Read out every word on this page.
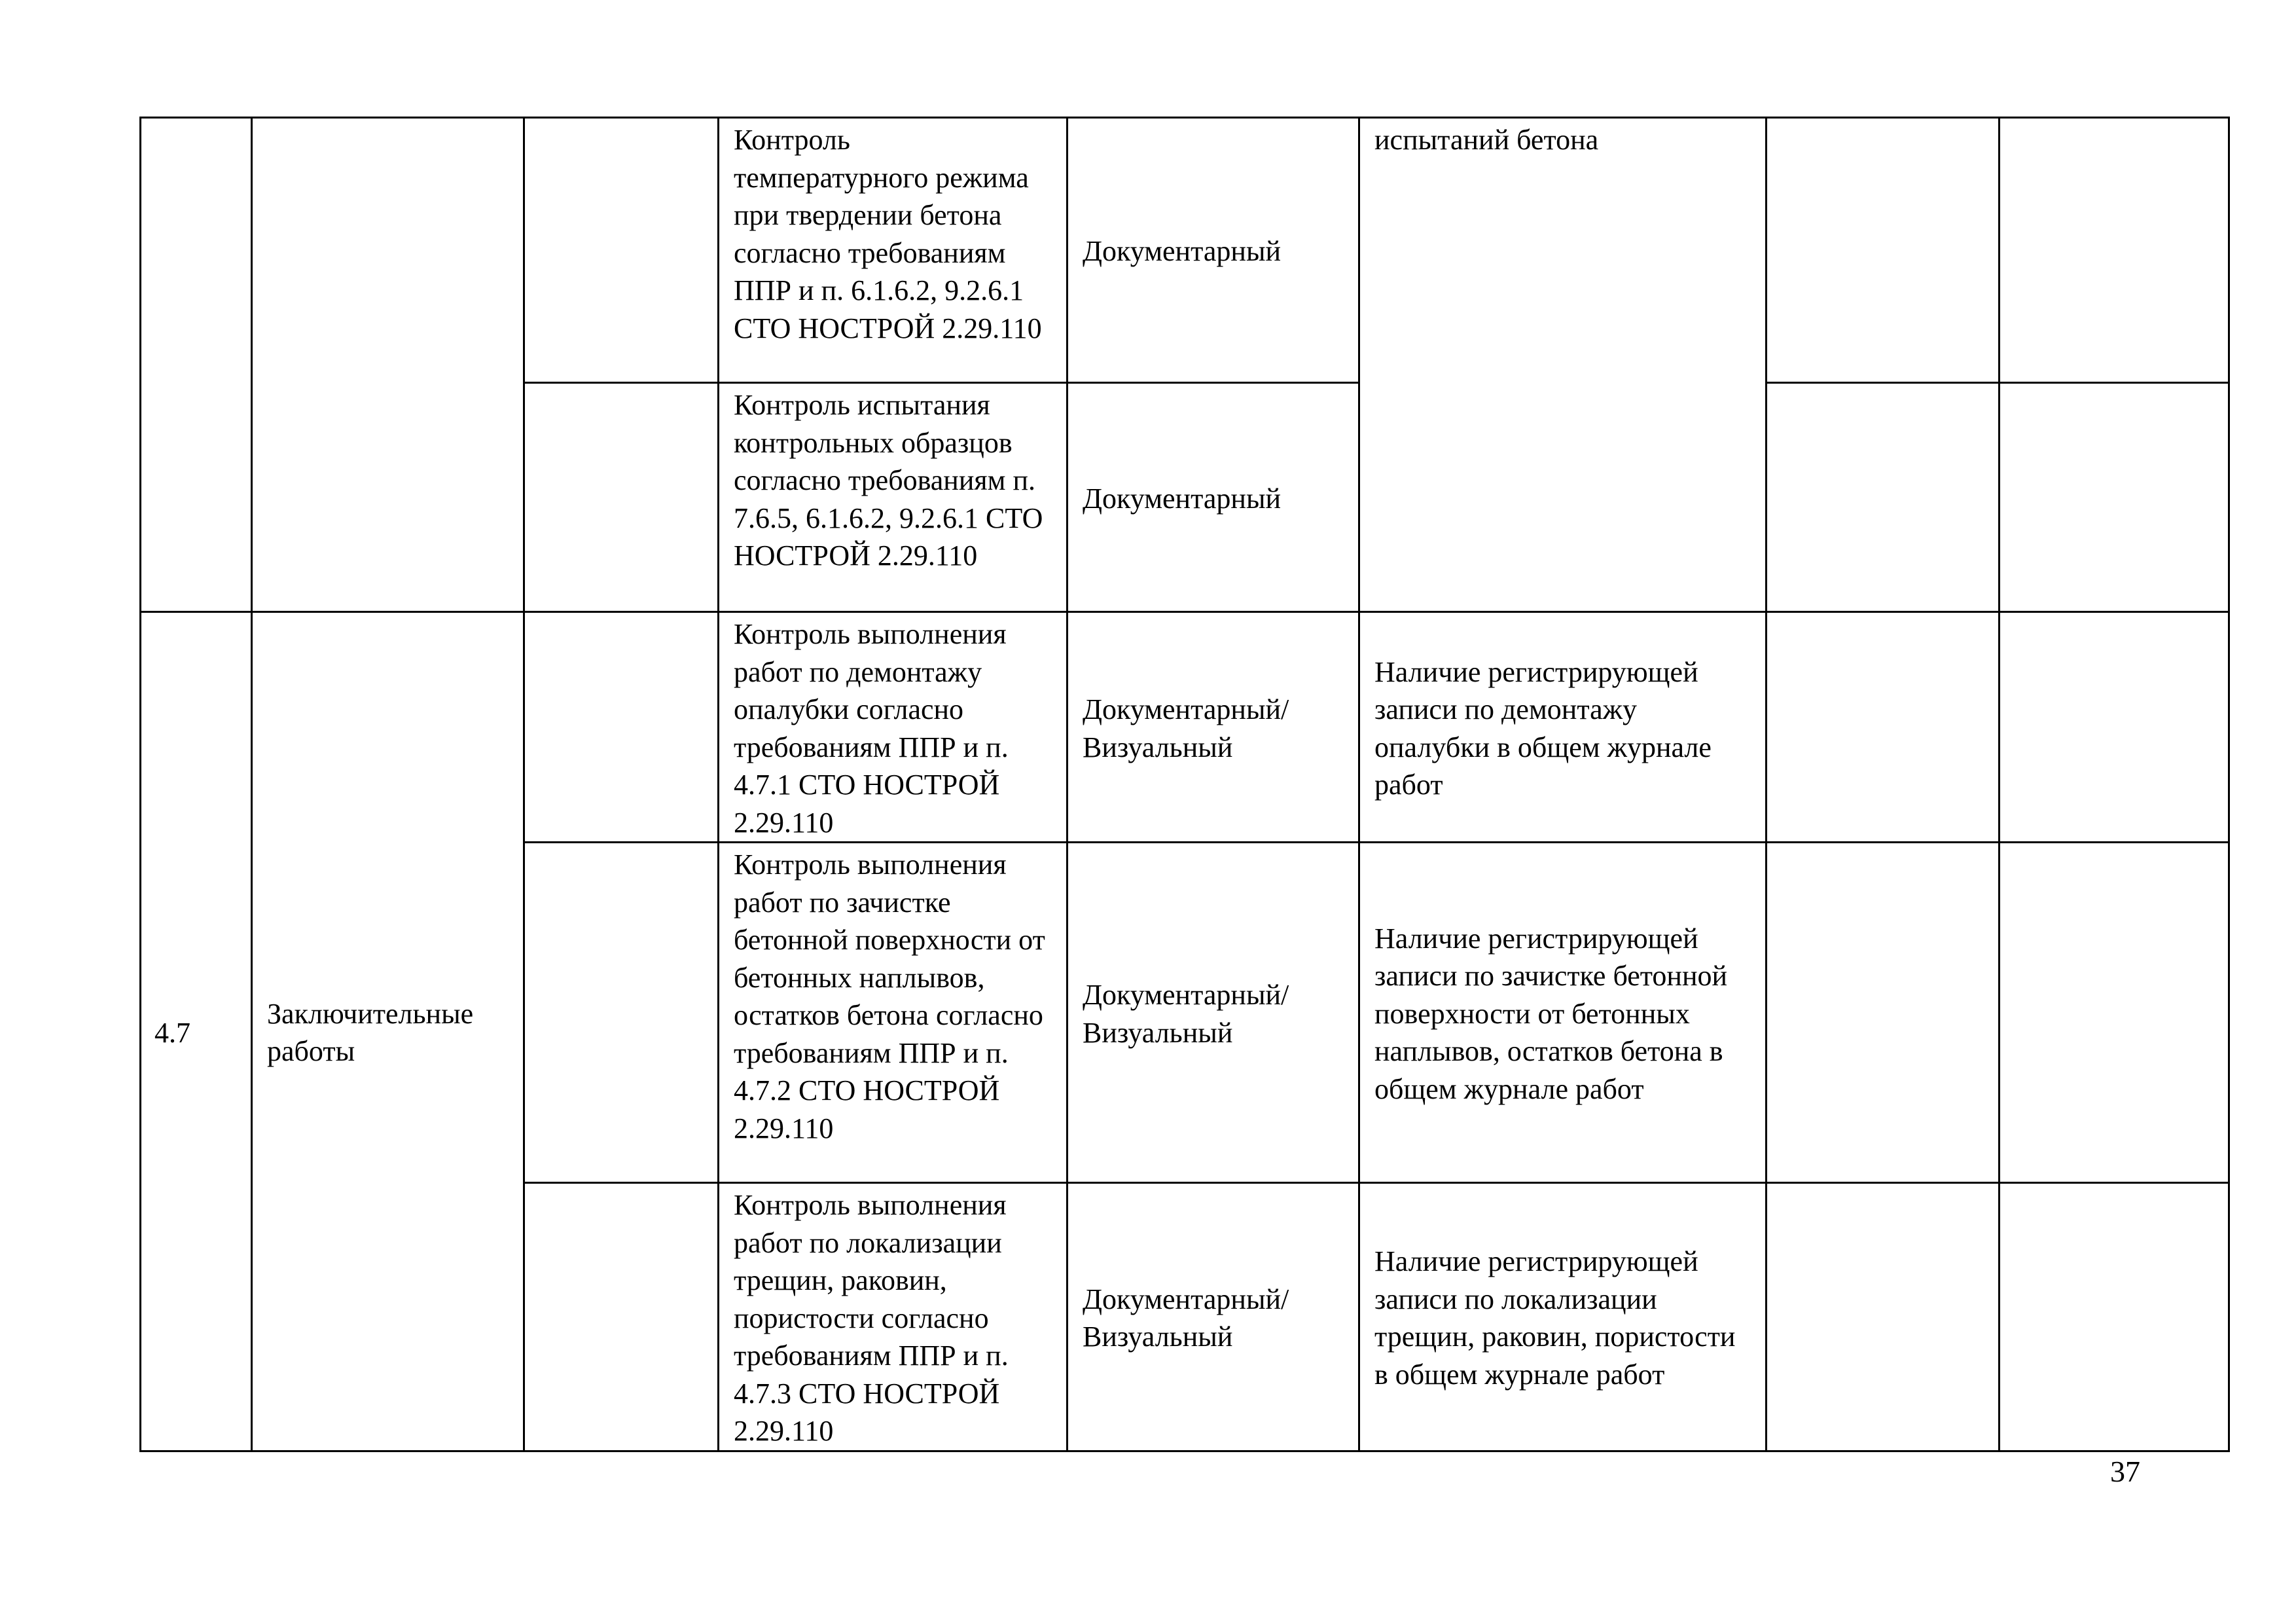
			Контроль температурного режима при твердении бетона согласно требованиям ППР и п. 6.1.6.2, 9.2.6.1 СТО НОСТРОЙ 2.29.110	Документарный	испытаний бетона		
			Контроль испытания контрольных образцов согласно требованиям п. 7.6.5, 6.1.6.2, 9.2.6.1 СТО НОСТРОЙ 2.29.110	Документарный			
4.7	Заключительные работы		Контроль выполнения работ по демонтажу опалубки согласно требованиям ППР и п. 4.7.1 СТО НОСТРОЙ 2.29.110	Документарный/ Визуальный	Наличие регистрирующей записи по демонтажу опалубки в общем журнале работ		
			Контроль выполнения работ по зачистке бетонной поверхности от бетонных наплывов, остатков бетона согласно требованиям ППР и п. 4.7.2 СТО НОСТРОЙ 2.29.110	Документарный/ Визуальный	Наличие регистрирующей записи по зачистке бетонной поверхности от бетонных наплывов, остатков бетона в общем журнале работ		
			Контроль выполнения работ по локализации трещин, раковин, пористости согласно требованиям ППР и п. 4.7.3 СТО НОСТРОЙ 2.29.110	Документарный/ Визуальный	Наличие регистрирующей записи по локализации трещин, раковин, пористости в общем журнале работ		
37
